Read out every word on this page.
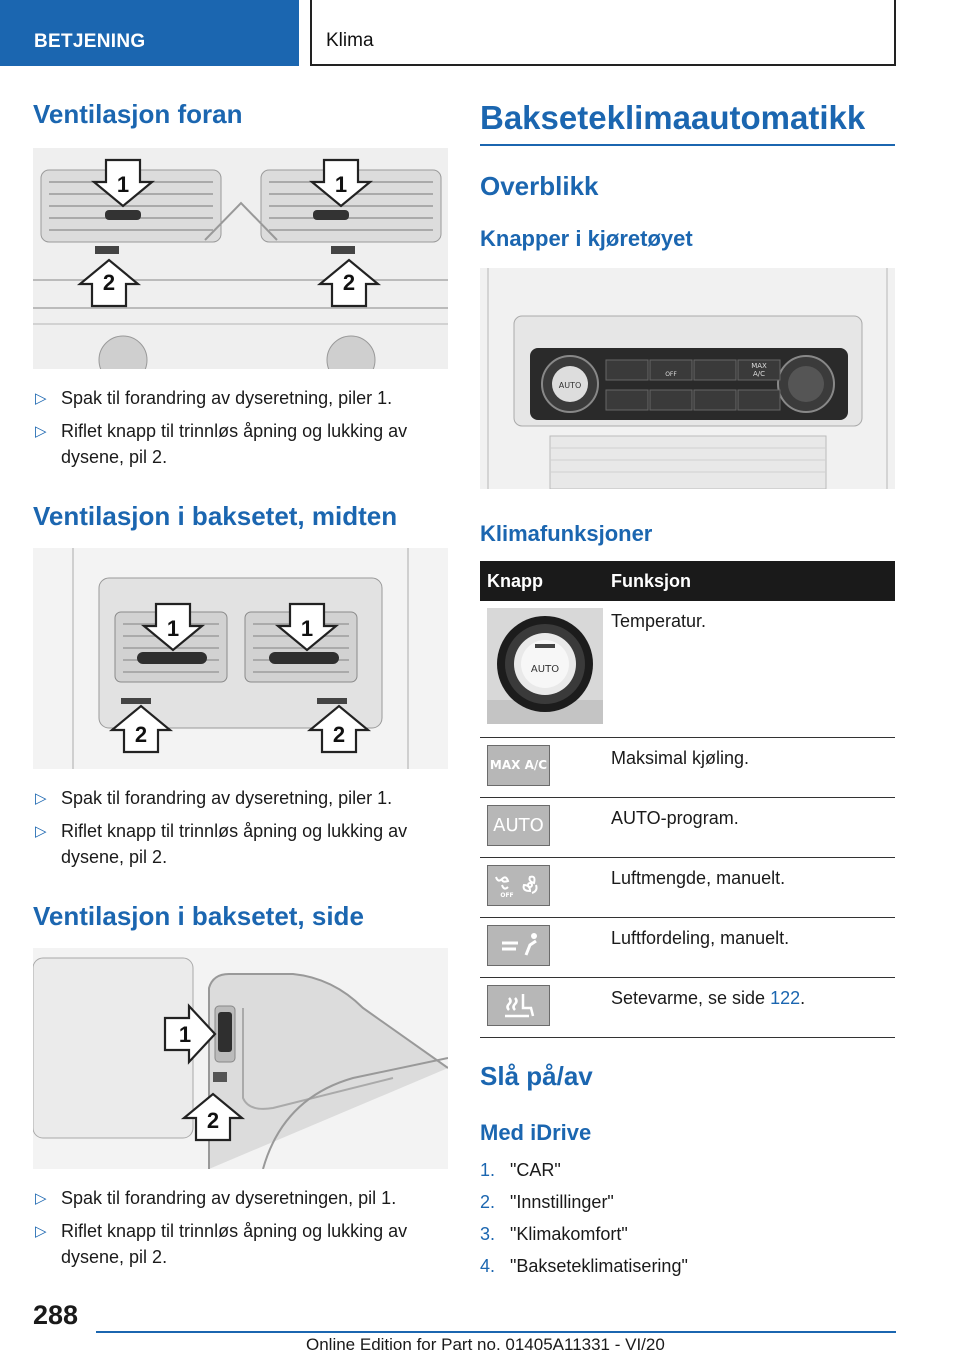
BETJENING	Klima
Ventilasjon foran
1	1
2	2
▷ Spak til forandring av dyseretning, piler 1.
▷ Riflet knapp til trinnløs åpning og lukking av dysene, pil 2.
Ventilasjon i baksetet, midten
1	1
2	2
▷ Spak til forandring av dyseretning, piler 1.
▷ Riflet knapp til trinnløs åpning og lukking av dysene, pil 2.
Ventilasjon i baksetet, side
1
2
▷ Spak til forandring av dyseretningen, pil 1.
▷ Riflet knapp til trinnløs åpning og lukking av dysene, pil 2.
Bakseteklimaautomatikk
Overblikk
Knapper i kjøretøyet
AUTO
MAX
A/C
OFF
Klimafunksjoner
Knapp	Funksjon

AUTO	Temperatur.

MAX A/C	Maksimal kjøling.

AUTO	AUTO-program.

OFF	Luftmengde, manuelt.

	Luftfordeling, manuelt.

	Setevarme, se side 122.
Slå på/av
Med iDrive
1. "CAR"
2. "Innstillinger"
3. "Klimakomfort"
4. "Bakseteklimatisering"
288
Online Edition for Part no. 01405A11331 - VI/20
